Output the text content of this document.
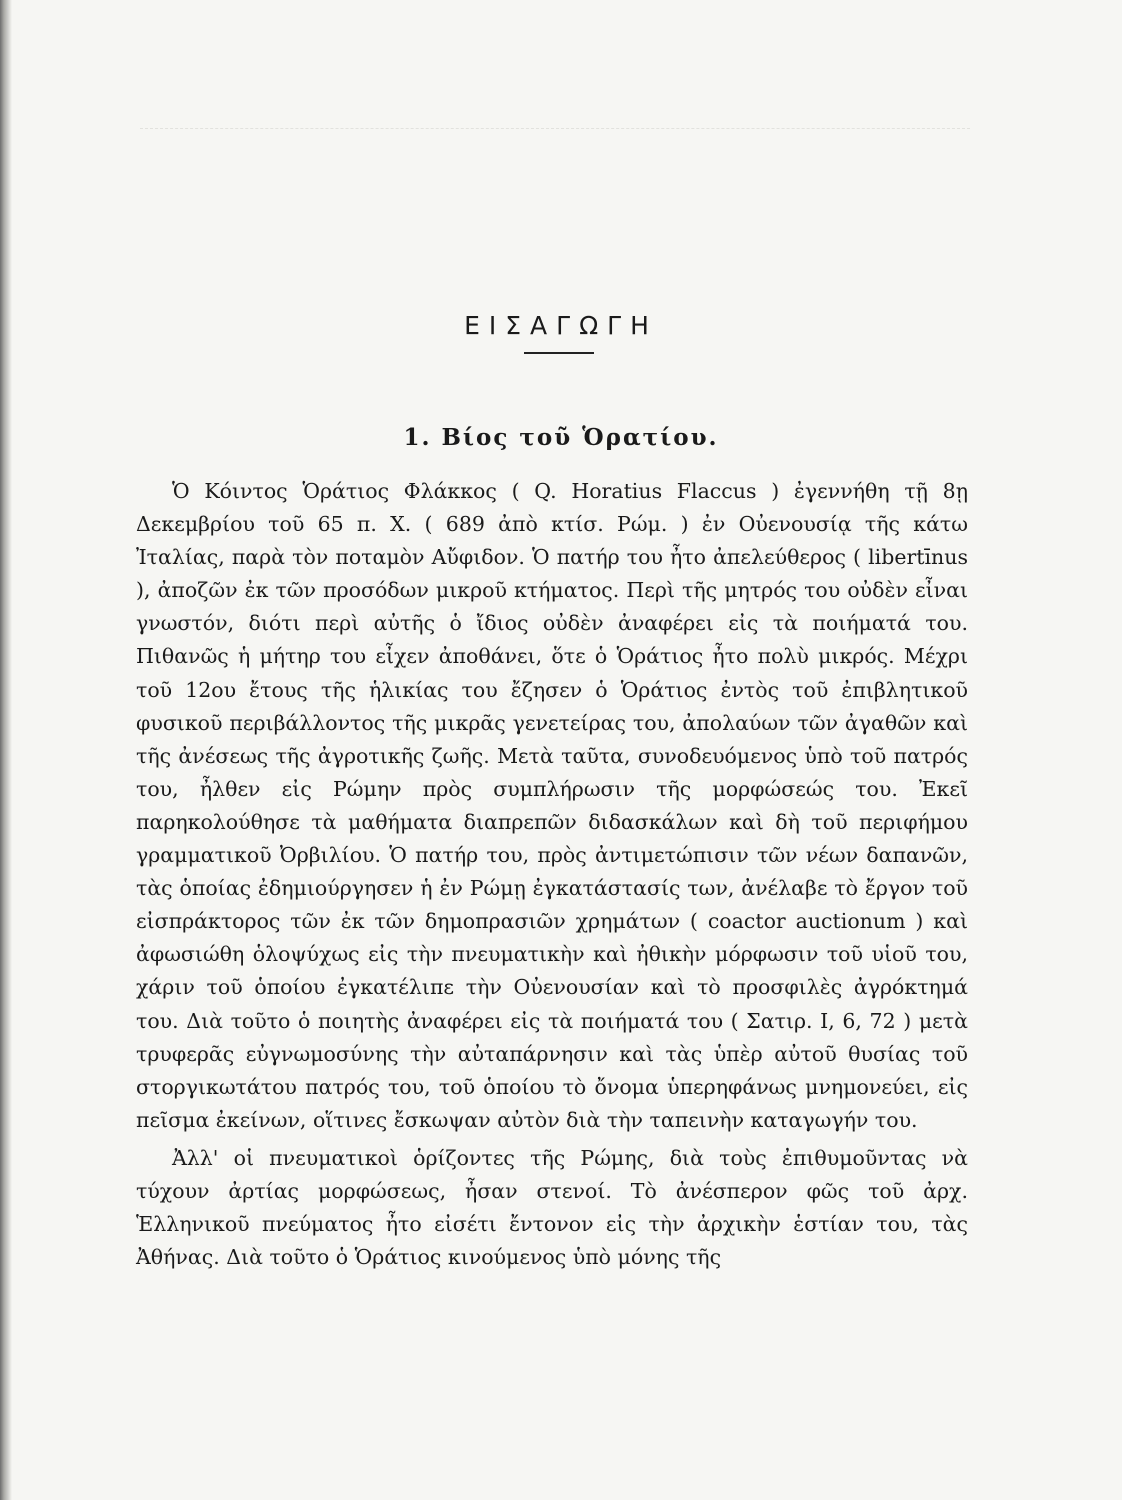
ΕΙΣΑΓΩΓΗ
1. Βίος τοῦ Ὁρατίου.

Ὁ Κόιντος Ὁράτιος Φλάκκος ( Q. Horatius Flaccus ) ἐγεννήθη τῇ 8ῃ Δεκεμβρίου τοῦ 65 π. Χ. ( 689 ἀπὸ κτίσ. Ρώμ. ) ἐν Οὐενουσίᾳ τῆς κάτω Ἰταλίας, παρὰ τὸν ποταμὸν Αὔφιδον. Ὁ πατήρ του ἦτο ἀπελεύθερος ( libertīnus ), ἀποζῶν ἐκ τῶν προσόδων μικροῦ κτήματος. Περὶ τῆς μητρός του οὐδὲν εἶναι γνωστόν, διότι περὶ αὐτῆς ὁ ἴδιος οὐδὲν ἀναφέρει εἰς τὰ ποιήματά του. Πιθανῶς ἡ μήτηρ του εἶχεν ἀποθάνει, ὅτε ὁ Ὁράτιος ἦτο πολὺ μικρός. Μέχρι τοῦ 12ου ἔτους τῆς ἡλικίας του ἔζησεν ὁ Ὁράτιος ἐντὸς τοῦ ἐπιβλητικοῦ φυσικοῦ περιβάλλοντος τῆς μικρᾶς γενετείρας του, ἀπολαύων τῶν ἀγαθῶν καὶ τῆς ἀνέσεως τῆς ἀγροτικῆς ζωῆς. Μετὰ ταῦτα, συνοδευόμενος ὑπὸ τοῦ πατρός του, ἦλθεν εἰς Ρώμην πρὸς συμπλήρωσιν τῆς μορφώσεώς του. Ἐκεῖ παρηκολούθησε τὰ μαθήματα διαπρεπῶν διδασκάλων καὶ δὴ τοῦ περιφήμου γραμματικοῦ Ὀρβιλίου. Ὁ πατήρ του, πρὸς ἀντιμετώπισιν τῶν νέων δαπανῶν, τὰς ὁποίας ἐδημιούργησεν ἡ ἐν Ρώμῃ ἐγκατάστασίς των, ἀνέλαβε τὸ ἔργον τοῦ εἰσπράκτορος τῶν ἐκ τῶν δημοπρασιῶν χρημάτων ( coactor auctionum ) καὶ ἀφωσιώθη ὁλοψύχως εἰς τὴν πνευματικὴν καὶ ἠθικὴν μόρφωσιν τοῦ υἱοῦ του, χάριν τοῦ ὁποίου ἐγκατέλιπε τὴν Οὐενουσίαν καὶ τὸ προσφιλὲς ἀγρόκτημά του. Διὰ τοῦτο ὁ ποιητὴς ἀναφέρει εἰς τὰ ποιήματά του ( Σατιρ. Ι, 6, 72 ) μετὰ τρυφερᾶς εὐγνωμοσύνης τὴν αὐταπάρνησιν καὶ τὰς ὑπὲρ αὐτοῦ θυσίας τοῦ στοργικωτάτου πατρός του, τοῦ ὁποίου τὸ ὄνομα ὑπερηφάνως μνημονεύει, εἰς πεῖσμα ἐκείνων, οἵτινες ἔσκωψαν αὐτὸν διὰ τὴν ταπεινὴν καταγωγήν του.

Ἀλλ' οἱ πνευματικοὶ ὁρίζοντες τῆς Ρώμης, διὰ τοὺς ἐπιθυμοῦντας νὰ τύχουν ἀρτίας μορφώσεως, ἦσαν στενοί. Τὸ ἀνέσπερον φῶς τοῦ ἀρχ. Ἑλληνικοῦ πνεύματος ἦτο εἰσέτι ἔντονον εἰς τὴν ἀρχικὴν ἑστίαν του, τὰς Ἀθήνας. Διὰ τοῦτο ὁ Ὁράτιος κινούμενος ὑπὸ μόνης τῆς
